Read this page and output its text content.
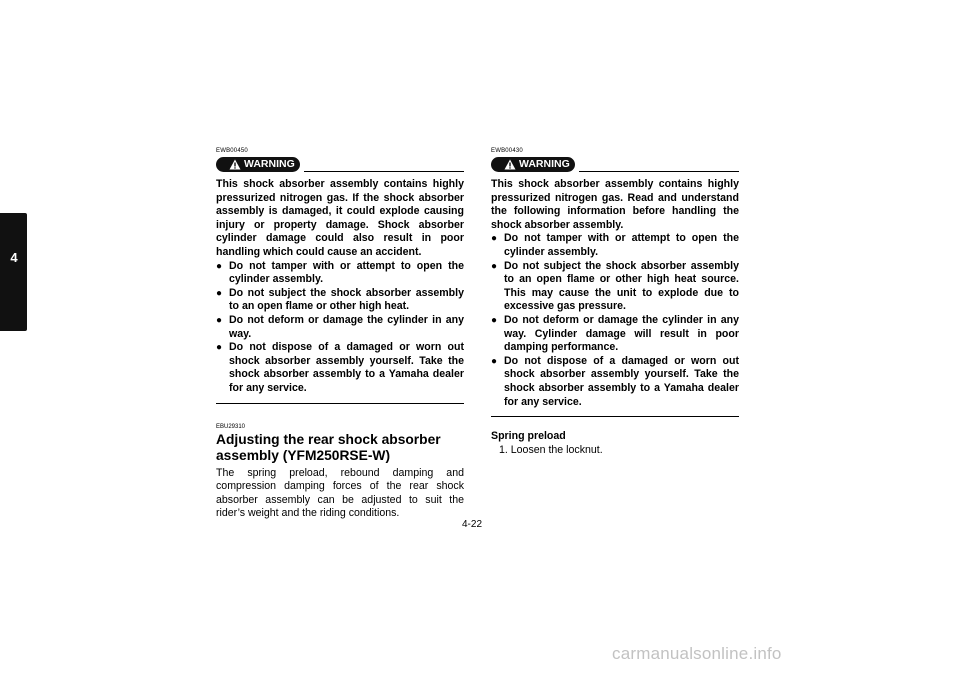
4
EWB00450
WARNING

This shock absorber assembly contains highly pressurized nitrogen gas. If the shock absorber assembly is damaged, it could explode causing injury or property damage. Shock absorber cylinder damage could also result in poor handling which could cause an accident.

● Do not tamper with or attempt to open the cylinder assembly.
● Do not subject the shock absorber assembly to an open flame or other high heat.
● Do not deform or damage the cylinder in any way.
● Do not dispose of a damaged or worn out shock absorber assembly yourself. Take the shock absorber assembly to a Yamaha dealer for any service.
EBU29310
Adjusting the rear shock absorber assembly (YFM250RSE-W)

The spring preload, rebound damping and compression damping forces of the rear shock absorber assembly can be adjusted to suit the rider’s weight and the riding conditions.

EWB00430
WARNING

This shock absorber assembly contains highly pressurized nitrogen gas. Read and understand the following information before handling the shock absorber assembly.

● Do not tamper with or attempt to open the cylinder assembly.
● Do not subject the shock absorber assembly to an open flame or other high heat source. This may cause the unit to explode due to excessive gas pressure.
● Do not deform or damage the cylinder in any way. Cylinder damage will result in poor damping performance.
● Do not dispose of a damaged or worn out shock absorber assembly yourself. Take the shock absorber assembly to a Yamaha dealer for any service.
Spring preload
1. Loosen the locknut.
4-22
carmanualsonline.info
